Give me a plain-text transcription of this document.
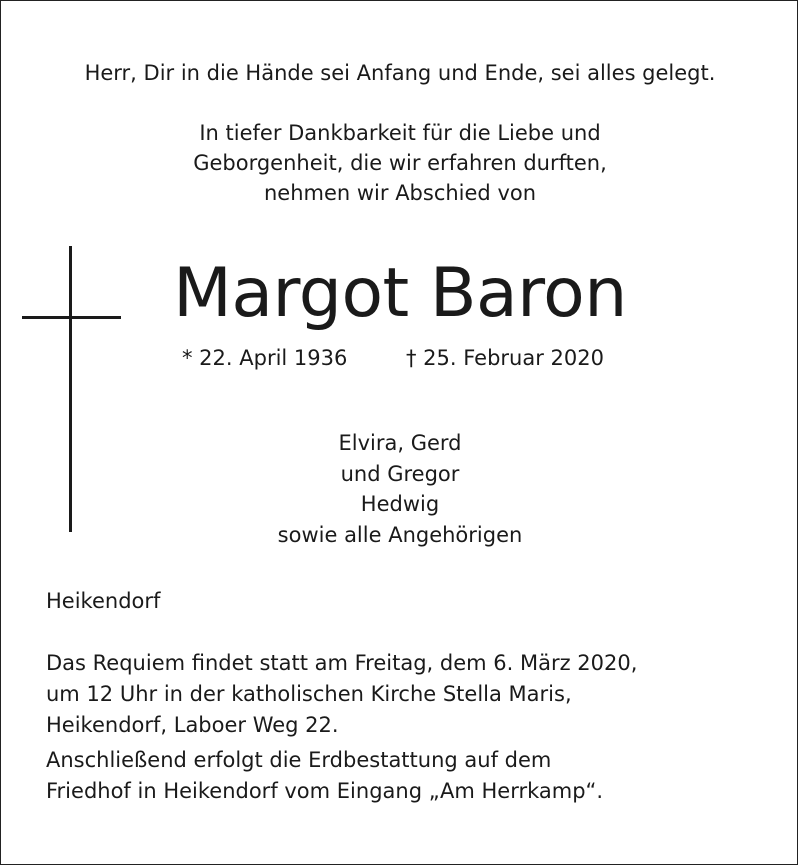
Herr, Dir in die Hände sei Anfang und Ende, sei alles gelegt.
In tiefer Dankbarkeit für die Liebe und
Geborgenheit, die wir erfahren durften,
nehmen wir Abschied von
Margot Baron
* 22. April 1936	† 25. Februar 2020
Elvira, Gerd
und Gregor
Hedwig
sowie alle Angehörigen
Heikendorf
Das Requiem findet statt am Freitag, dem 6. März 2020,
um 12 Uhr in der katholischen Kirche Stella Maris,
Heikendorf, Laboer Weg 22.
Anschließend erfolgt die Erdbestattung auf dem
Friedhof in Heikendorf vom Eingang „Am Herrkamp“.
